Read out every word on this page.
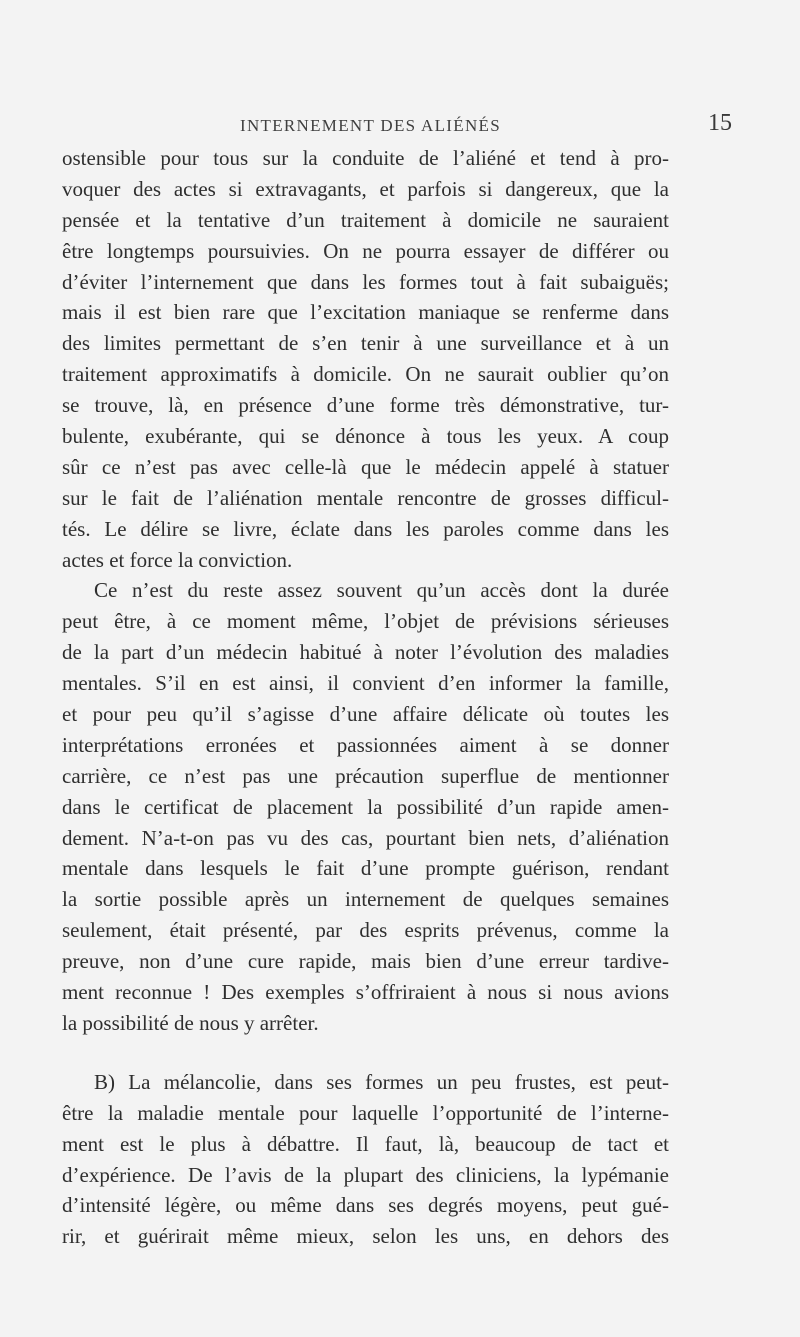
INTERNEMENT DES ALIÉNÉS	15
ostensible pour tous sur la conduite de l’aliéné et tend à pro-
voquer des actes si extravagants, et parfois si dangereux, que la
pensée et la tentative d’un traitement à domicile ne sauraient
être longtemps poursuivies. On ne pourra essayer de différer ou
d’éviter l’internement que dans les formes tout à fait subaiguës;
mais il est bien rare que l’excitation maniaque se renferme dans
des limites permettant de s’en tenir à une surveillance et à un
traitement approximatifs à domicile. On ne saurait oublier qu’on
se trouve, là, en présence d’une forme très démonstrative, tur-
bulente, exubérante, qui se dénonce à tous les yeux. A coup
sûr ce n’est pas avec celle-là que le médecin appelé à statuer
sur le fait de l’aliénation mentale rencontre de grosses difficul-
tés. Le délire se livre, éclate dans les paroles comme dans les
actes et force la conviction.
Ce n’est du reste assez souvent qu’un accès dont la durée
peut être, à ce moment même, l’objet de prévisions sérieuses
de la part d’un médecin habitué à noter l’évolution des maladies
mentales. S’il en est ainsi, il convient d’en informer la famille,
et pour peu qu’il s’agisse d’une affaire délicate où toutes les
interprétations erronées et passionnées aiment à se donner
carrière, ce n’est pas une précaution superflue de mentionner
dans le certificat de placement la possibilité d’un rapide amen-
dement. N’a-t-on pas vu des cas, pourtant bien nets, d’aliénation
mentale dans lesquels le fait d’une prompte guérison, rendant
la sortie possible après un internement de quelques semaines
seulement, était présenté, par des esprits prévenus, comme la
preuve, non d’une cure rapide, mais bien d’une erreur tardive-
ment reconnue ! Des exemples s’offriraient à nous si nous avions
la possibilité de nous y arrêter.
B) La mélancolie, dans ses formes un peu frustes, est peut-
être la maladie mentale pour laquelle l’opportunité de l’interne-
ment est le plus à débattre. Il faut, là, beaucoup de tact et
d’expérience. De l’avis de la plupart des cliniciens, la lypémanie
d’intensité légère, ou même dans ses degrés moyens, peut gué-
rir, et guérirait même mieux, selon les uns, en dehors des
